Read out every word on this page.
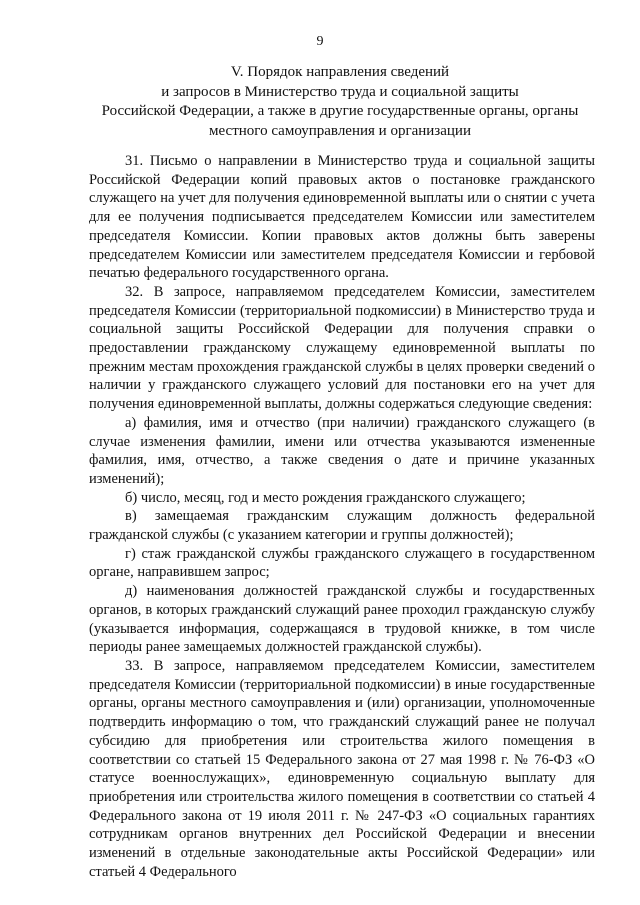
9
V. Порядок направления сведений
и запросов в Министерство труда и социальной защиты
Российской Федерации, а также в другие государственные органы, органы
местного самоуправления и организации

31. Письмо о направлении в Министерство труда и социальной защиты Российской Федерации копий правовых актов о постановке гражданского служащего на учет для получения единовременной выплаты или о снятии с учета для ее получения подписывается председателем Комиссии или заместителем председателя Комиссии. Копии правовых актов должны быть заверены председателем Комиссии или заместителем председателя Комиссии и гербовой печатью федерального государственного органа.

32. В запросе, направляемом председателем Комиссии, заместителем председателя Комиссии (территориальной подкомиссии) в Министерство труда и социальной защиты Российской Федерации для получения справки о предоставлении гражданскому служащему единовременной выплаты по прежним местам прохождения гражданской службы в целях проверки сведений о наличии у гражданского служащего условий для постановки его на учет для получения единовременной выплаты, должны содержаться следующие сведения:

а) фамилия, имя и отчество (при наличии) гражданского служащего (в случае изменения фамилии, имени или отчества указываются измененные фамилия, имя, отчество, а также сведения о дате и причине указанных изменений);

б) число, месяц, год и место рождения гражданского служащего;

в) замещаемая гражданским служащим должность федеральной гражданской службы (с указанием категории и группы должностей);

г) стаж гражданской службы гражданского служащего в государственном органе, направившем запрос;

д) наименования должностей гражданской службы и государственных органов, в которых гражданский служащий ранее проходил гражданскую службу (указывается информация, содержащаяся в трудовой книжке, в том числе периоды ранее замещаемых должностей гражданской службы).

33. В запросе, направляемом председателем Комиссии, заместителем председателя Комиссии (территориальной подкомиссии) в иные государственные органы, органы местного самоуправления и (или) организации, уполномоченные подтвердить информацию о том, что гражданский служащий ранее не получал субсидию для приобретения или строительства жилого помещения в соответствии со статьей 15 Федерального закона от 27 мая 1998 г. № 76-ФЗ «О статусе военнослужащих», единовременную социальную выплату для приобретения или строительства жилого помещения в соответствии со статьей 4 Федерального закона от 19 июля 2011 г. № 247-ФЗ «О социальных гарантиях сотрудникам органов внутренних дел Российской Федерации и внесении изменений в отдельные законодательные акты Российской Федерации» или статьей 4 Федерального
